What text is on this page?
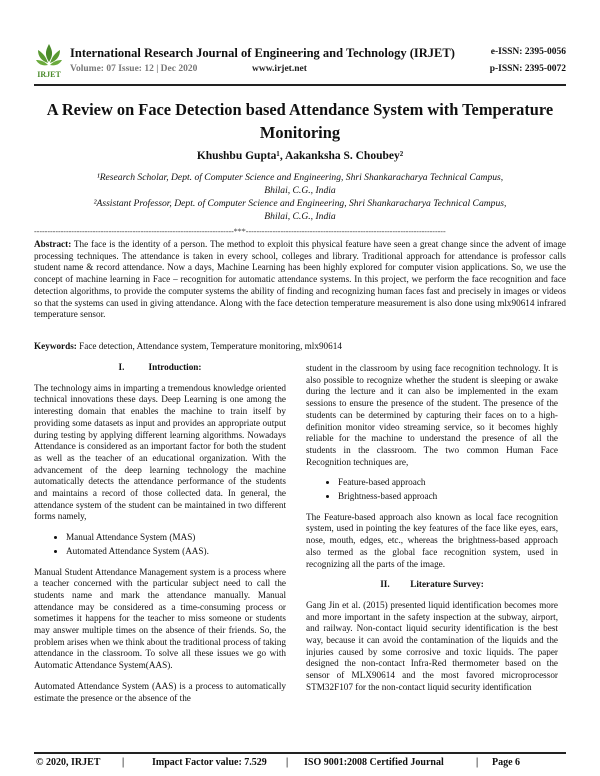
IRJET
International Research Journal of Engineering and Technology (IRJET)
Volume: 07 Issue: 12 | Dec 2020	www.irjet.net
e-ISSN: 2395-0056
p-ISSN: 2395-0072
A Review on Face Detection based Attendance System with Temperature Monitoring
Khushbu Gupta¹, Aakanksha S. Choubey²
¹Research Scholar, Dept. of Computer Science and Engineering, Shri Shankaracharya Technical Campus,
Bhilai, C.G., India
²Assistant Professor, Dept. of Computer Science and Engineering, Shri Shankaracharya Technical Campus,
Bhilai, C.G., India
---------------------------------------------------------------------------***---------------------------------------------------------------------------
Abstract: The face is the identity of a person. The method to exploit this physical feature have seen a great change since the advent of image processing techniques. The attendance is taken in every school, colleges and library. Traditional approach for attendance is professor calls student name & record attendance. Now a days, Machine Learning has been highly explored for computer vision applications. So, we use the concept of machine learning in Face – recognition for automatic attendance systems. In this project, we perform the face recognition and face detection algorithms, to provide the computer systems the ability of finding and recognizing human faces fast and precisely in images or videos so that the systems can used in giving attendance. Along with the face detection temperature measurement is also done using mlx90614 infrared temperature sensor.
Keywords: Face detection, Attendance system, Temperature monitoring, mlx90614
I.	Introduction:

The technology aims in imparting a tremendous knowledge oriented technical innovations these days. Deep Learning is one among the interesting domain that enables the machine to train itself by providing some datasets as input and provides an appropriate output during testing by applying different learning algorithms. Nowadays Attendance is considered as an important factor for both the student as well as the teacher of an educational organization. With the advancement of the deep learning technology the machine automatically detects the attendance performance of the students and maintains a record of those collected data. In general, the attendance system of the student can be maintained in two different forms namely,

• Manual Attendance System (MAS)
• Automated Attendance System (AAS).

Manual Student Attendance Management system is a process where a teacher concerned with the particular subject need to call the students name and mark the attendance manually. Manual attendance may be considered as a time-consuming process or sometimes it happens for the teacher to miss someone or students may answer multiple times on the absence of their friends. So, the problem arises when we think about the traditional process of taking attendance in the classroom. To solve all these issues we go with Automatic Attendance System(AAS).

Automated Attendance System (AAS) is a process to automatically estimate the presence or the absence of the

student in the classroom by using face recognition technology. It is also possible to recognize whether the student is sleeping or awake during the lecture and it can also be implemented in the exam sessions to ensure the presence of the student. The presence of the students can be determined by capturing their faces on to a high-definition monitor video streaming service, so it becomes highly reliable for the machine to understand the presence of all the students in the classroom. The two common Human Face Recognition techniques are,

• Feature-based approach
• Brightness-based approach

The Feature-based approach also known as local face recognition system, used in pointing the key features of the face like eyes, ears, nose, mouth, edges, etc., whereas the brightness-based approach also termed as the global face recognition system, used in recognizing all the parts of the image.

II. Literature Survey:

Gang Jin et al. (2015) presented liquid identification becomes more and more important in the safety inspection at the subway, airport, and railway. Non-contact liquid security identification is the best way, because it can avoid the contamination of the liquids and the injuries caused by some corrosive and toxic liquids. The paper designed the non-contact Infra-Red thermometer based on the sensor of MLX90614 and the most favored microprocessor STM32F107 for the non-contact liquid security identification

© 2020, IRJET |	Impact Factor value: 7.529 | ISO 9001:2008 Certified Journal	| Page 6
